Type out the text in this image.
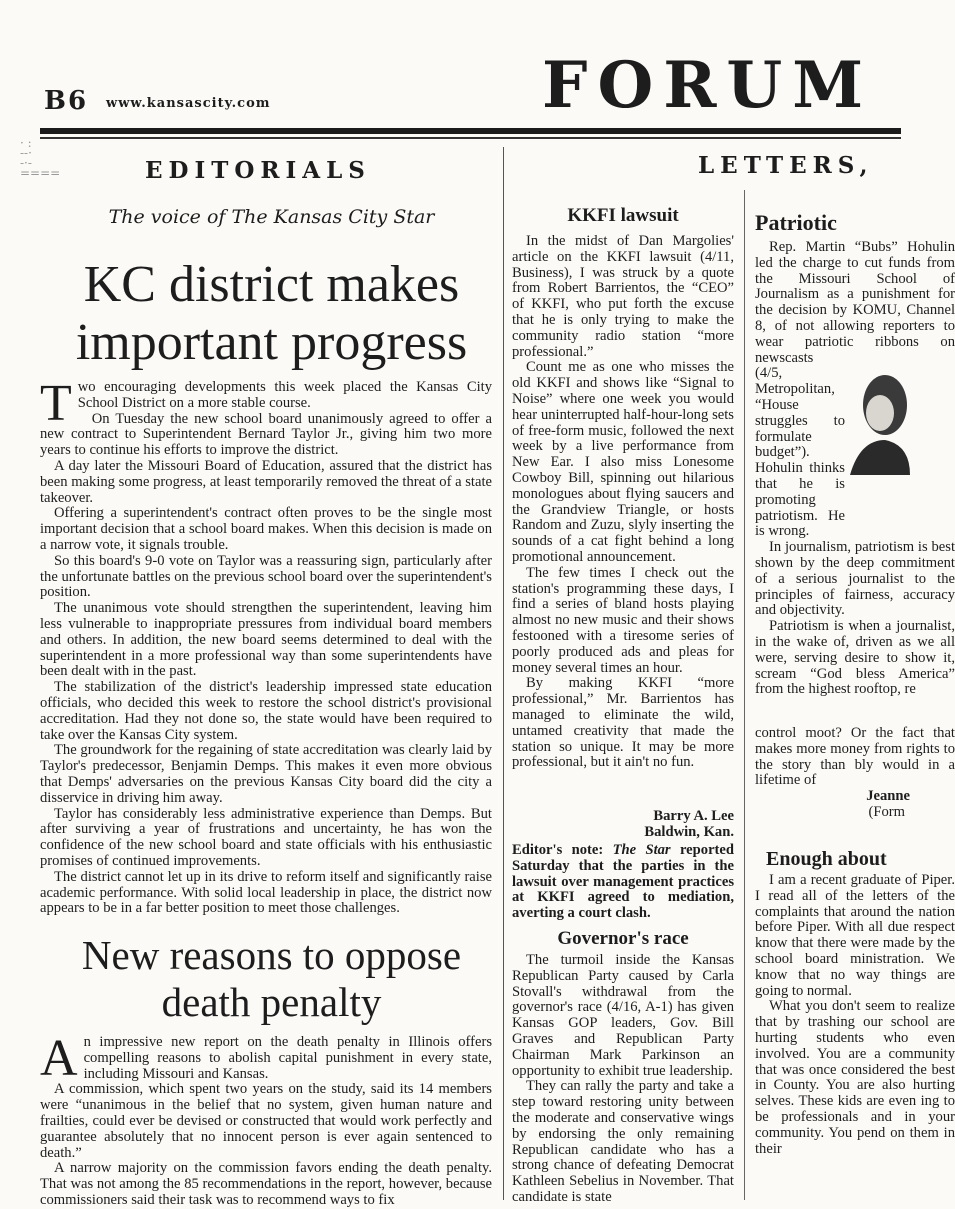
B6 www.kansascity.com	FORUM
· :
--·
-·-
====	EDITORIALS
The voice of The Kansas City Star
KC district makes important progress

Two encouraging developments this week placed the Kansas City School District on a more stable course.

On Tuesday the new school board unanimously agreed to offer a new contract to Superintendent Bernard Taylor Jr., giving him two more years to continue his efforts to improve the district.

A day later the Missouri Board of Education, assured that the district has been making some progress, at least temporarily removed the threat of a state takeover.

Offering a superintendent's contract often proves to be the single most important decision that a school board makes. When this decision is made on a narrow vote, it signals trouble.

So this board's 9-0 vote on Taylor was a reassuring sign, particularly after the unfortunate battles on the previous school board over the superintendent's position.

The unanimous vote should strengthen the superintendent, leaving him less vulnerable to inappropriate pressures from individual board members and others. In addition, the new board seems determined to deal with the superintendent in a more professional way than some superintendents have been dealt with in the past.

The stabilization of the district's leadership impressed state education officials, who decided this week to restore the school district's provisional accreditation. Had they not done so, the state would have been required to take over the Kansas City system.

The groundwork for the regaining of state accreditation was clearly laid by Taylor's predecessor, Benjamin Demps. This makes it even more obvious that Demps' adversaries on the previous Kansas City board did the city a disservice in driving him away.

Taylor has considerably less administrative experience than Demps. But after surviving a year of frustrations and uncertainty, he has won the confidence of the new school board and state officials with his enthusiastic promises of continued improvements.

The district cannot let up in its drive to reform itself and significantly raise academic performance. With solid local leadership in place, the district now appears to be in a far better position to meet those challenges.

New reasons to oppose death penalty

An impressive new report on the death penalty in Illinois offers compelling reasons to abolish capital punishment in every state, including Missouri and Kansas.

A commission, which spent two years on the study, said its 14 members were “unanimous in the belief that no system, given human nature and frailties, could ever be devised or constructed that would work perfectly and guarantee absolutely that no innocent person is ever again sentenced to death.”

A narrow majority on the commission favors ending the death penalty. That was not among the 85 recommendations in the report, however, because commissioners said their task was to recommend ways to fix

LETTERS,
KKFI lawsuit

In the midst of Dan Margolies' article on the KKFI lawsuit (4/11, Business), I was struck by a quote from Robert Barrientos, the “CEO” of KKFI, who put forth the excuse that he is only trying to make the community radio station “more professional.”

Count me as one who misses the old KKFI and shows like “Signal to Noise” where one week you would hear uninterrupted half-hour-long sets of free-form music, followed the next week by a live performance from New Ear. I also miss Lonesome Cowboy Bill, spinning out hilarious monologues about flying saucers and the Grandview Triangle, or hosts Random and Zuzu, slyly inserting the sounds of a cat fight behind a long promotional announcement.

The few times I check out the station's programming these days, I find a series of bland hosts playing almost no new music and their shows festooned with a tiresome series of poorly produced ads and pleas for money several times an hour.

By making KKFI “more professional,” Mr. Barrientos has managed to eliminate the wild, untamed creativity that made the station so unique. It may be more professional, but it ain't no fun.

Barry A. Lee
Baldwin, Kan.

Editor's note: The Star reported Saturday that the parties in the lawsuit over management practices at KKFI agreed to mediation, averting a court clash.

Governor's race

The turmoil inside the Kansas Republican Party caused by Carla Stovall's withdrawal from the governor's race (4/16, A-1) has given Kansas GOP leaders, Gov. Bill Graves and Republican Party Chairman Mark Parkinson an opportunity to exhibit true leadership.

They can rally the party and take a step toward restoring unity between the moderate and conservative wings by endorsing the only remaining Republican candidate who has a strong chance of defeating Democrat Kathleen Sebelius in November. That candidate is state

Patriotic

Rep. Martin “Bubs” Hohulin led the charge to cut funds from the Missouri School of Journalism as a punishment for the decision by KOMU, Channel 8, of not allowing reporters to wear patriotic ribbons on newscasts

(4/5, Metropolitan, “House struggles to formulate budget”). Hohulin thinks that he is promoting patriotism. He is wrong.

In journalism, patriotism is best shown by the deep commitment of a serious journalist to the principles of fairness, accuracy and objectivity.

Patriotism is when a journalist, in the wake of, driven as we all were, serving desire to show it, scream “God bless America” from the highest rooftop, re

control moot? Or the fact that makes more money from rights to the story than bly would in a lifetime of

Jeanne

(Form

Enough about

I am a recent graduate of Piper. I read all of the letters of the complaints that around the nation before Piper. With all due respect know that there were made by the school board ministration. We know that no way things are going to normal.

What you don't seem to realize that by trashing our school are hurting students who even involved. You are a community that was once considered the best in County. You are also hurting selves. These kids are even ing to be professionals and in your community. You pend on them in their
